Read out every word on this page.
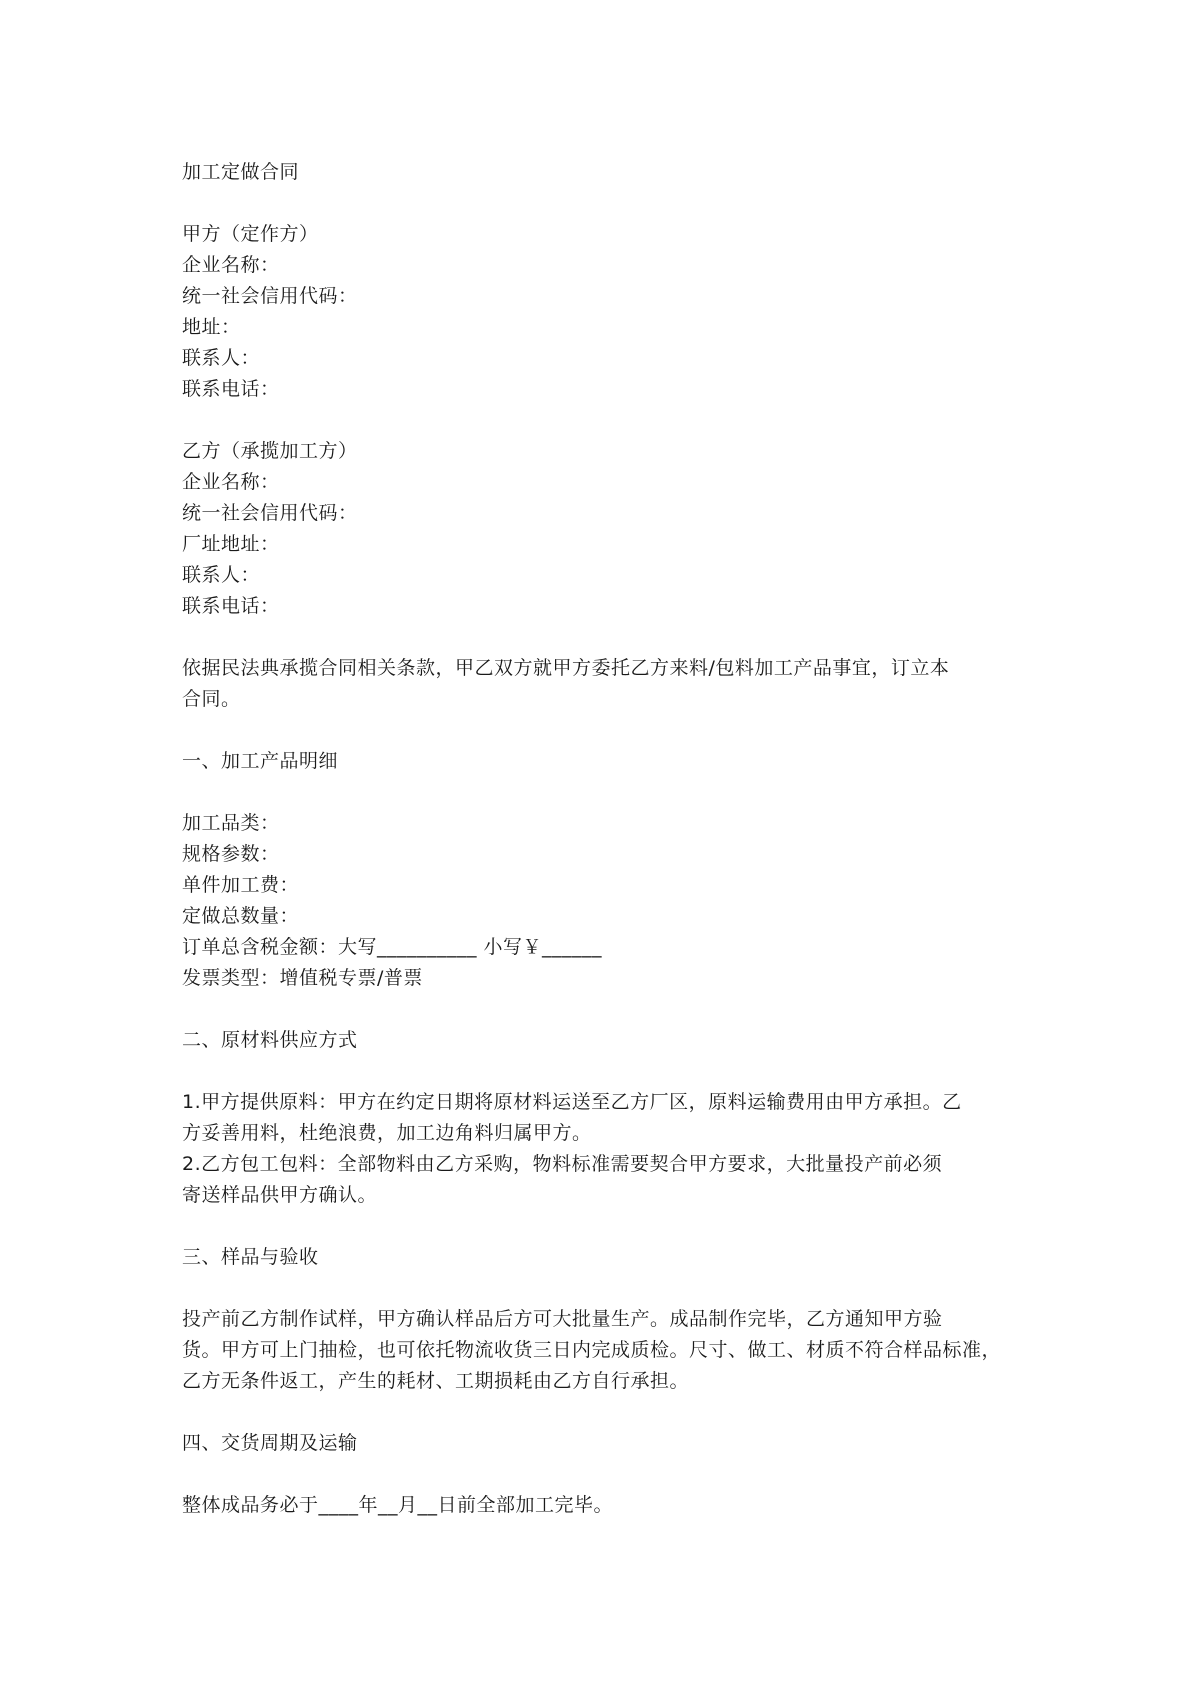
加工定做合同
甲方（定作方）
企业名称：
统一社会信用代码：
地址：
联系人：
联系电话：
乙方（承揽加工方）
企业名称：
统一社会信用代码：
厂址地址：
联系人：
联系电话：
依据民法典承揽合同相关条款，甲乙双方就甲方委托乙方来料/包料加工产品事宜，订立本
合同。
一、加工产品明细
加工品类：
规格参数：
单件加工费：
定做总数量：
订单总含税金额：大写__________ 小写￥______
发票类型：增值税专票/普票
二、原材料供应方式
1.甲方提供原料：甲方在约定日期将原材料运送至乙方厂区，原料运输费用由甲方承担。乙
方妥善用料，杜绝浪费，加工边角料归属甲方。
2.乙方包工包料：全部物料由乙方采购，物料标准需要契合甲方要求，大批量投产前必须
寄送样品供甲方确认。
三、样品与验收
投产前乙方制作试样，甲方确认样品后方可大批量生产。成品制作完毕，乙方通知甲方验
货。甲方可上门抽检，也可依托物流收货三日内完成质检。尺寸、做工、材质不符合样品标准，
乙方无条件返工，产生的耗材、工期损耗由乙方自行承担。
四、交货周期及运输
整体成品务必于____年__月__日前全部加工完毕。
